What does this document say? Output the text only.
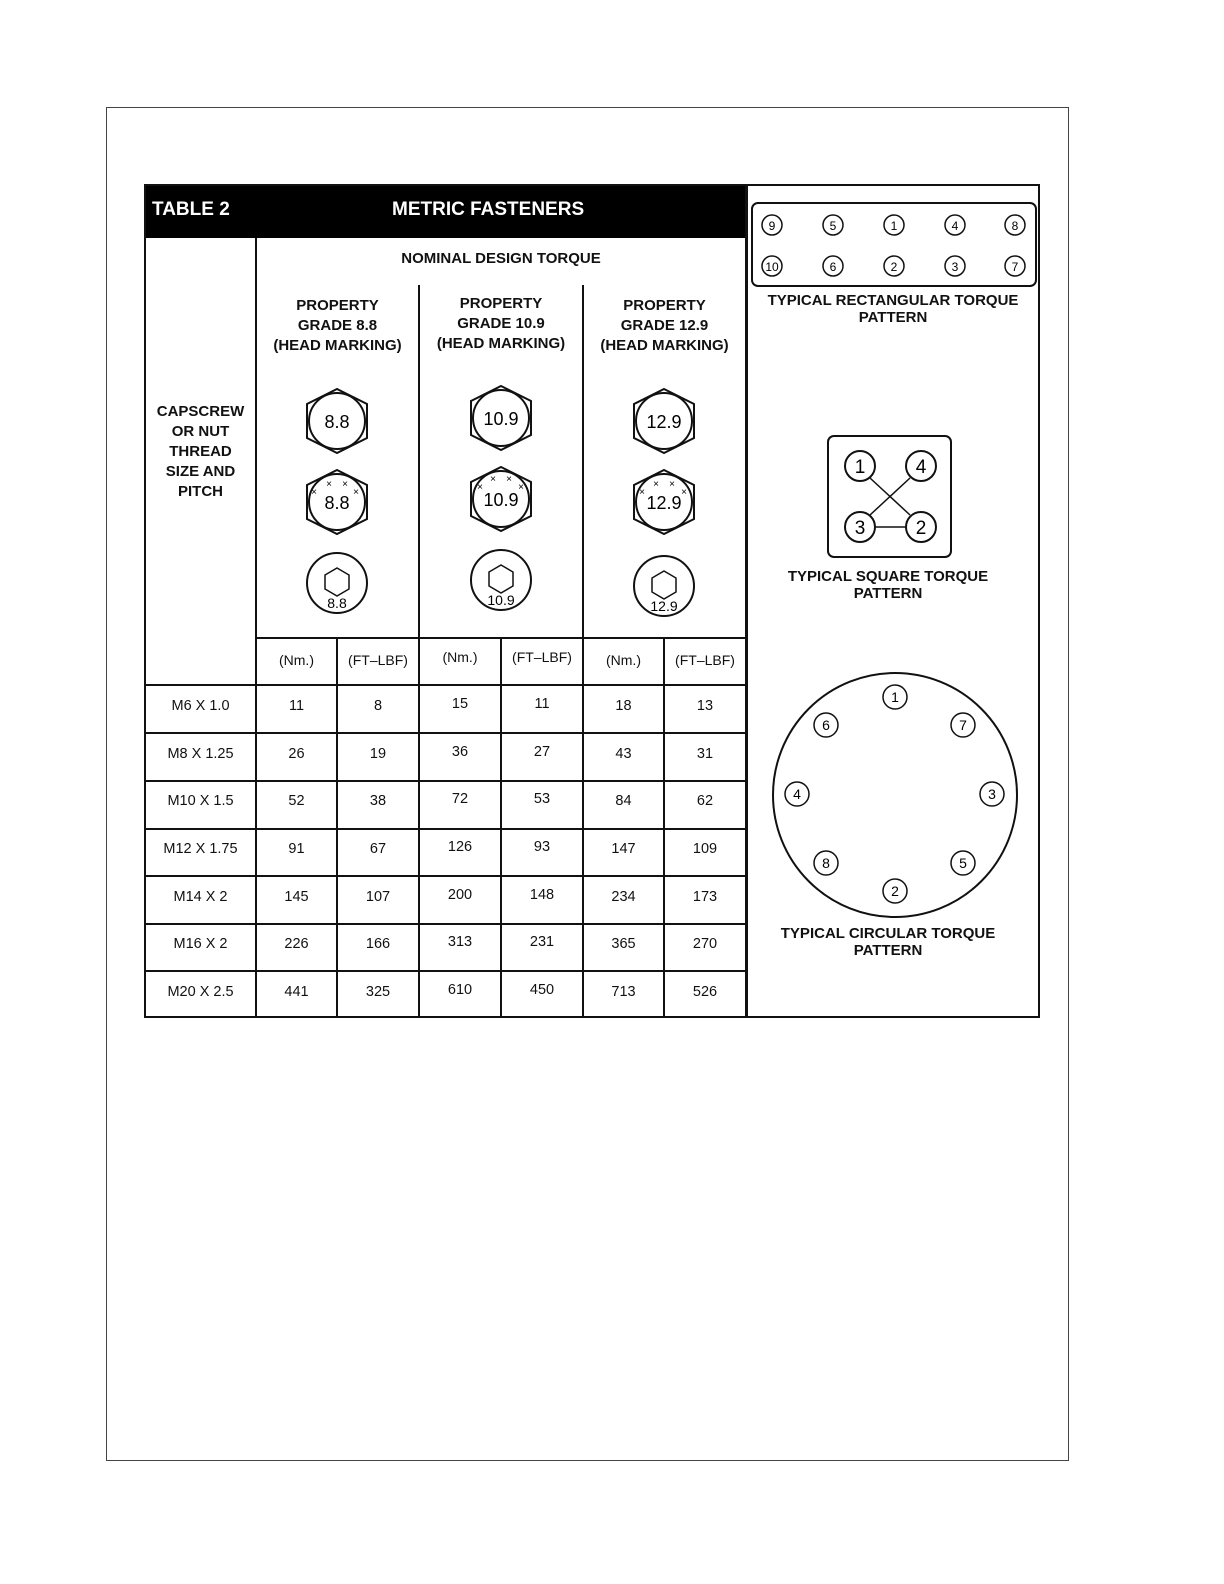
TABLE 2	METRIC FASTENERS
NOMINAL DESIGN TORQUE
CAPSCREW
OR NUT
THREAD
SIZE AND
PITCH
PROPERTY
GRADE 8.8
(HEAD MARKING)
PROPERTY
GRADE 10.9
(HEAD MARKING)
PROPERTY
GRADE 12.9
(HEAD MARKING)
8.8
×
× ×
×
8.8
8.8
10.9
×
× ×
×
10.9
10.9
12.9
×
× ×
×
12.9
12.9
(Nm.)	(FT–LBF)	(Nm.)	(FT–LBF)	(Nm.)	(FT–LBF)
M6 X 1.0	11	8	15	11	18	13
M8 X 1.25	26	19	36	27	43	31
M10 X 1.5	52	38	72	53	84	62
M12 X 1.75	91	67	126	93	147	109
M14 X 2	145	107	200	148	234	173
M16 X 2	226	166	313	231	365	270
M20 X 2.5	441	325	610	450	713	526
9	5	1	4	8
10	6	2	3	7
1	4
3	2
1
7
3
5
2
8
4
6
TYPICAL RECTANGULAR TORQUE
PATTERN
TYPICAL SQUARE TORQUE
PATTERN
TYPICAL CIRCULAR TORQUE
PATTERN
